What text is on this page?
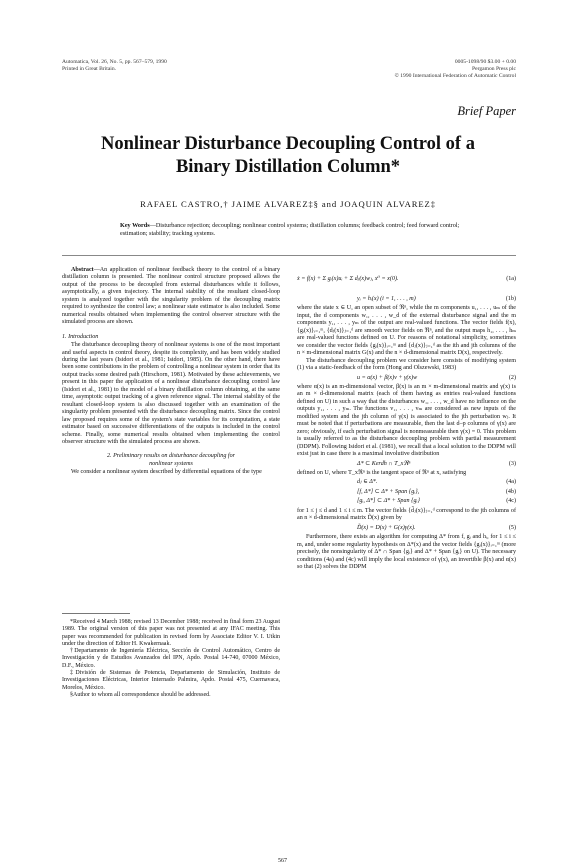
Automatica, Vol. 26, No. 5, pp. 567–579, 1990
Printed in Great Britain.
0005-1098/90 $3.00 + 0.00
Pergamon Press plc
© 1990 International Federation of Automatic Control
Brief Paper
Nonlinear Disturbance Decoupling Control of a
Binary Distillation Column*
RAFAEL CASTRO,† JAIME ALVAREZ‡§ and JOAQUIN ALVAREZ‡
Key Words—Disturbance rejection; decoupling; nonlinear control systems; distillation columns; feedback control; feed forward control; estimation; stability; tracking systems.

Abstract—An application of nonlinear feedback theory to the control of a binary distillation column is presented. The nonlinear control structure proposed allows the output of the process to be decoupled from external disturbances while it follows, asymptotically, a given trajectory. The internal stability of the resultant closed-loop system is analyzed together with the singularity problem of the decoupling matrix required to synthesize the control law; a nonlinear state estimator is also included. Some numerical results obtained when implementing the control observer structure with the simulated process are shown.

1. Introduction

The disturbance decoupling theory of nonlinear systems is one of the most important and useful aspects in control theory, despite its complexity, and has been widely studied during the last years (Isidori et al., 1981; Isidori, 1985). On the other hand, there have been some contributions in the problem of controlling a nonlinear system in order that its output tracks some desired path (Hirschorn, 1981). Motivated by these achievements, we present in this paper the application of a nonlinear disturbance decoupling control law (Isidori et al., 1981) to the model of a binary distillation column obtaining, at the same time, asymptotic output tracking of a given reference signal. The internal stability of the resultant closed-loop system is also discussed together with an examination of the singularity problem presented with the disturbance decoupling matrix. Since the control law proposed requires some of the system's state variables for its computation, a state estimator based on successive differentiations of the outputs is included in the control scheme. Finally, some numerical results obtained when implementing the control observer structure with the simulated process are shown.

2. Preliminary results on disturbance decoupling for
nonlinear systems

We consider a nonlinear system described by differential equations of the type

*Received 4 March 1988; revised 13 December 1988; received in final form 23 August 1989. The original version of this paper was not presented at any IFAC meeting. This paper was recommended for publication in revised form by Associate Editor V. I. Utkin under the direction of Editor H. Kwakernaak.

†Departamento de Ingeniería Eléctrica, Sección de Control Automático, Centro de Investigación y de Estudios Avanzados del IPN, Apdo. Postal 14-740, 07000 México, D.F., México.

‡División de Sistemas de Potencia, Departamento de Simulación, Instituto de Investigaciones Eléctricas, Interior Internado Palmira, Apdo. Postal 475, Cuernavaca, Morelos, México.

§Author to whom all correspondence should be addressed.

ẋ = f(x) + Σ gᵢ(x)uᵢ + Σ dⱼ(x)wⱼ, x⁰ = x(0).	(1a)
yᵢ = hᵢ(x) (i = 1, . . . , m)	(1b)

where the state x ∈ U, an open subset of ℜⁿ, while the m components u₁, . . . , uₘ of the input, the d components w₁, . . . , w_d of the external disturbance signal and the m components y₁, . . . , yₘ of the output are real-valued functions. The vector fields f(x), {gᵢ(x)}ᵢ₌₁ᵐ, {dⱼ(x)}ⱼ₌₁ᵈ are smooth vector fields on ℜⁿ, and the output maps h₁, . . . , hₘ are real-valued functions defined on U. For reasons of notational simplicity, sometimes we consider the vector fields {gᵢ(x)}ᵢ₌₁ᵐ and {dⱼ(x)}ⱼ₌₁ᵈ as the ith and jth columns of the n × m-dimensional matrix G(x) and the n × d-dimensional matrix D(x), respectively.

The disturbance decoupling problem we consider here consists of modifying system (1) via a static-feedback of the form (Hong and Olszewski, 1983)

u = α(x) + β(x)v + γ(x)w	(2)

where α(x) is an m-dimensional vector, β(x) is an m × m-dimensional matrix and γ(x) is an m × d-dimensional matrix (each of them having as entries real-valued functions defined on U) in such a way that the disturbances w₁, . . . , w_d have no influence on the outputs y₁, . . . , yₘ. The functions v₁, . . . , vₘ are considered as new inputs of the modified system and the jth column of γ(x) is associated to the jth perturbation wⱼ. It must be noted that if perturbations are measurable, then the last d–p columns of γ(x) are zero; obviously, if each perturbation signal is nonmeasurable then γ(x) = 0. This problem is usually referred to as the disturbance decoupling problem with partial measurement (DDPM). Following Isidori et al. (1981), we recall that a local solution to the DDPM will exist just in case there is a maximal involutive distribution

Δ* ⊂ Kerdh ∩ T_xℜⁿ	(3)

defined on U, where T_xℜⁿ is the tangent space of ℜⁿ at x, satisfying

dⱼ ∈ Δ*.	(4a)
[f, Δ*] ⊂ Δ* + Span {gᵢ},	(4b)
[gᵢ, Δ*] ⊂ Δ* + Span {gᵢ}	(4c)

for 1 ≤ j ≤ d and 1 ≤ i ≤ m. The vector fields {d̃ⱼ(x)}ⱼ₌₁ᵈ correspond to the jth columns of an n × d-dimensional matrix D̃(x) given by

D̃(x) = D(x) + G(x)γ(x).	(5)

Furthermore, there exists an algorithm for computing Δ* from f, gᵢ and hᵢ, for 1 ≤ i ≤ m, and, under some regularity hypothesis on Δ*(x) and the vector fields {gᵢ(x)}ᵢ₌₁ᵐ (more precisely, the nonsingularity of Δ* ∩ Span {gᵢ} and Δ* + Span {gᵢ} on U). The necessary conditions (4a) and (4c) will imply the local existence of γ(x), an invertible β(x) and α(x) so that (2) solves the DDPM

567
